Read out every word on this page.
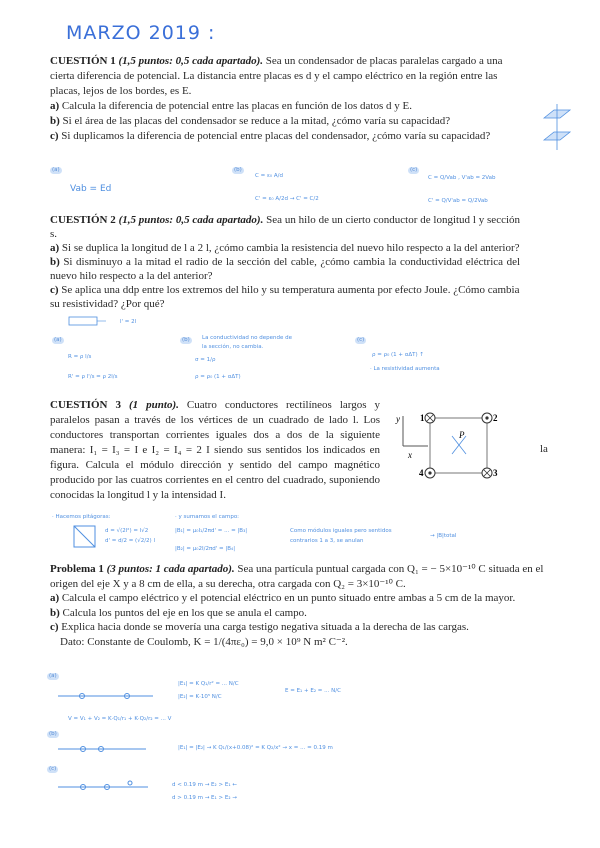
MARZO 2019 :

CUESTIÓN 1 (1,5 puntos: 0,5 cada apartado). Sea un condensador de placas paralelas cargado a una cierta diferencia de potencial. La distancia entre placas es d y el campo eléctrico en la región entre las placas, lejos de los bordes, es E.

a) Calcula la diferencia de potencial entre las placas en función de los datos d y E.

b) Si el área de las placas del condensador se reduce a la mitad, ¿cómo varía su capacidad?

c) Si duplicamos la diferencia de potencial entre placas del condensador, ¿cómo varía su capacidad?

(a)
Vab = Ed
(b)
C = ε₀ A/d
C' = ε₀ A/2d → C' = C/2
(c)
C = Q/Vab , V'ab = 2Vab
C' = Q/V'ab = Q/2Vab

CUESTIÓN 2 (1,5 puntos: 0,5 cada apartado). Sea un hilo de un cierto conductor de longitud l y sección s.

a) Si se duplica la longitud de l a 2 l, ¿cómo cambia la resistencia del nuevo hilo respecto a la del anterior?

b) Si disminuyo a la mitad el radio de la sección del cable, ¿cómo cambia la conductividad eléctrica del nuevo hilo respecto a la del anterior?

c) Se aplica una ddp entre los extremos del hilo y su temperatura aumenta por efecto Joule. ¿Cómo cambia su resistividad? ¿Por qué?

l' = 2l
(a)
R = ρ l/s
R' = ρ l'/s = ρ 2l/s
(b)	La conductividad no depende de
la sección, no cambia.
σ = 1/ρ
ρ = ρ₀ (1 + αΔT)
(c)
ρ = ρ₀ (1 + αΔT) ↑
· La resistividad aumenta

CUESTIÓN 3 (1 punto). Cuatro conductores rectilíneos largos y paralelos pasan a través de los vértices de un cuadrado de lado l. Los conductores transportan corrientes iguales dos a dos de la siguiente manera: I₁ = I₃ = I e I₂ = I₄ = 2 I siendo sus sentidos los indicados en figura. Calcula el módulo dirección y sentido del campo magnético producido por las cuatros corrientes en el centro del cuadrado, suponiendo conocidas la longitud l y la intensidad I.

y
x
P
1	2
3
4
la
· Hacemos pitágoras:
d = √(2l²) = l√2
d' = d/2 = (√2/2) l
· y sumamos el campo:
|B₁| = μ₀I₁/2πd' = ... = |B₃|
|B₂| = μ₀2I/2πd' = |B₄|
Como módulos iguales pero sentidos
contrarios 1 a 3, se anulan
→ |B|total

Problema 1 (3 puntos: 1 cada apartado). Sea una partícula puntual cargada con Q₁ = − 5×10⁻¹⁰ C situada en el origen del eje X y a 8 cm de ella, a su derecha, otra cargada con Q₂ = 3×10⁻¹⁰ C.

a) Calcula el campo eléctrico y el potencial eléctrico en un punto situado entre ambas a 5 cm de la mayor.

b) Calcula los puntos del eje en los que se anula el campo.

c) Explica hacia donde se movería una carga testigo negativa situada a la derecha de las cargas.

Dato: Constante de Coulomb, K = 1/(4πε₀) = 9,0 × 10⁹ N m² C⁻².

(a)
|E₁| = K Q₁/r² = ... N/C
|E₂| = K·10⁵ N/C
E = E₁ + E₂ = ... N/C
V = V₁ + V₂ = K·Q₁/r₁ + K·Q₂/r₂ = ... V
(b)
|E₁| = |E₂| → K Q₁/(x+0.08)² = K Q₂/x² → x = ... = 0.19 m
(c)
d < 0.19 m → E₂ > E₁ ←
d > 0.19 m → E₁ > E₂ →
